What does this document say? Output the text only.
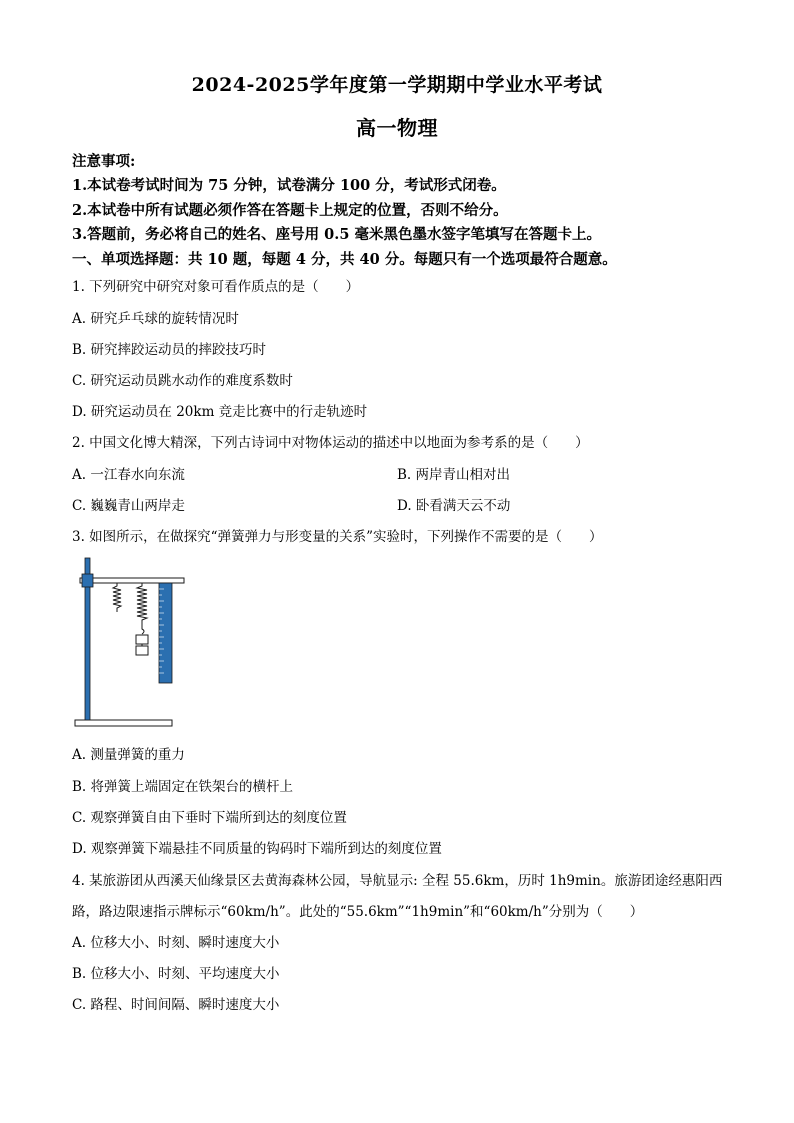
2024-2025学年度第一学期期中学业水平考试
高一物理
注意事项:
1.本试卷考试时间为 75 分钟，试卷满分 100 分，考试形式闭卷。
2.本试卷中所有试题必须作答在答题卡上规定的位置，否则不给分。
3.答题前，务必将自己的姓名、座号用 0.5 毫米黑色墨水签字笔填写在答题卡上。
一、单项选择题：共 10 题，每题 4 分，共 40 分。每题只有一个选项最符合题意。
1. 下列研究中研究对象可看作质点的是（　　）
A. 研究乒乓球的旋转情况时
B. 研究摔跤运动员的摔跤技巧时
C. 研究运动员跳水动作的难度系数时
D. 研究运动员在 20km 竞走比赛中的行走轨迹时
2. 中国文化博大精深，下列古诗词中对物体运动的描述中以地面为参考系的是（　　）
A. 一江春水向东流	B. 两岸青山相对出
C. 巍巍青山两岸走	D. 卧看满天云不动
3. 如图所示，在做探究“弹簧弹力与形变量的关系”实验时，下列操作不需要的是（　　）
A. 测量弹簧的重力
B. 将弹簧上端固定在铁架台的横杆上
C. 观察弹簧自由下垂时下端所到达的刻度位置
D. 观察弹簧下端悬挂不同质量的钩码时下端所到达的刻度位置
4. 某旅游团从西溪天仙缘景区去黄海森林公园，导航显示: 全程 55.6km，历时 1h9min。旅游团途经惠阳西
路，路边限速指示牌标示“60km/h”。此处的“55.6km”“1h9min”和“60km/h”分别为（　　）
A. 位移大小、时刻、瞬时速度大小
B. 位移大小、时刻、平均速度大小
C. 路程、时间间隔、瞬时速度大小
